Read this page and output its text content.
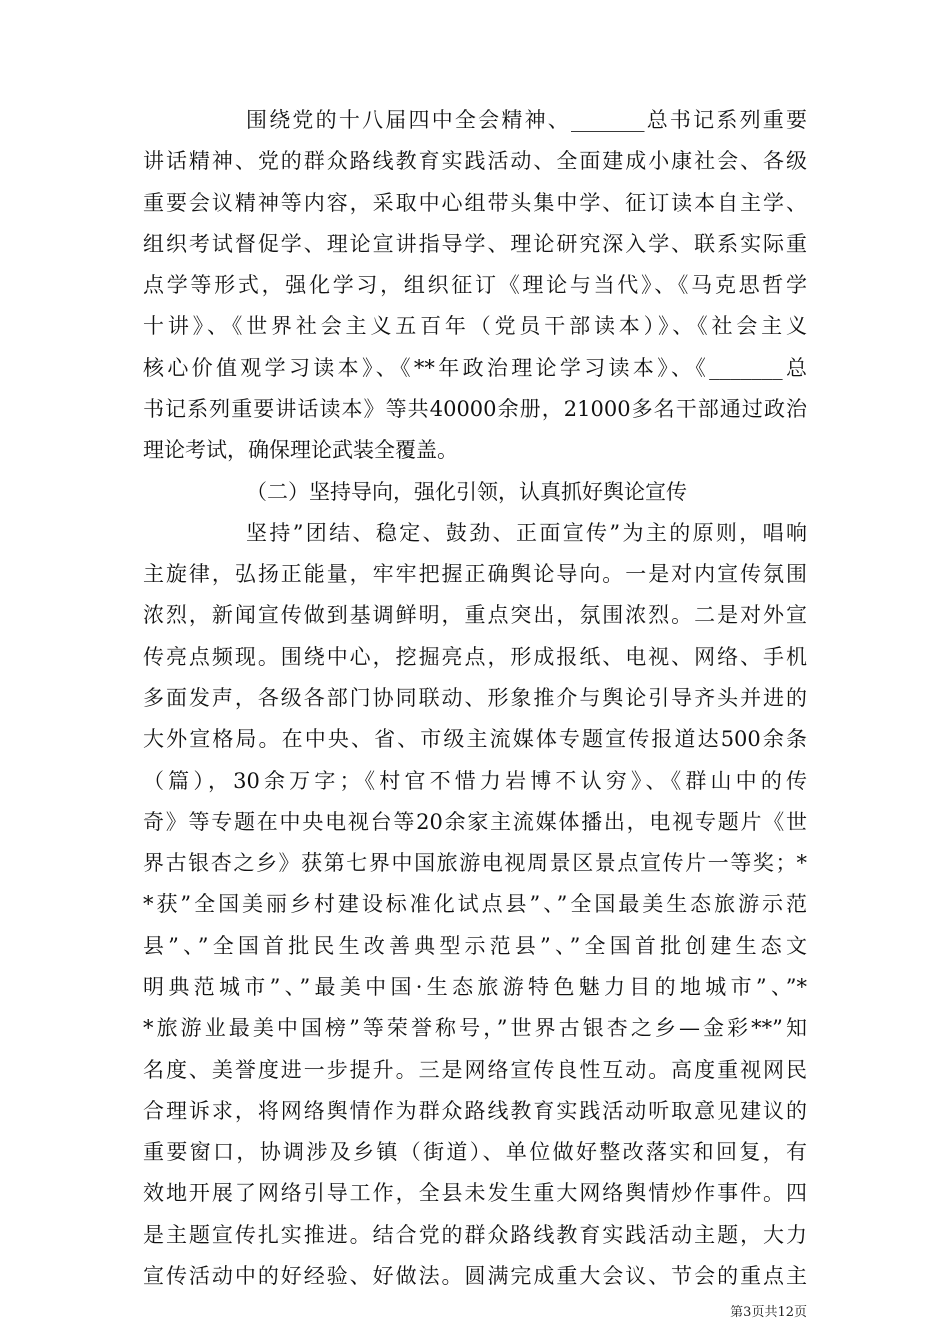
围绕党的十八届四中全会精神、_______总书记系列重要
讲话精神、党的群众路线教育实践活动、全面建成小康社会、各级
重要会议精神等内容，采取中心组带头集中学、征订读本自主学、
组织考试督促学、理论宣讲指导学、理论研究深入学、联系实际重
点学等形式，强化学习，组织征订《理论与当代》、《马克思哲学
十讲》、《世界社会主义五百年（党员干部读本）》、《社会主义
核心价值观学习读本》、《**年政治理论学习读本》、《_______总
书记系列重要讲话读本》等共40000余册，21000多名干部通过政治
理论考试，确保理论武装全覆盖。
（二）坚持导向，强化引领，认真抓好舆论宣传
坚持”团结、稳定、鼓劲、正面宣传”为主的原则，唱响
主旋律，弘扬正能量，牢牢把握正确舆论导向。一是对内宣传氛围
浓烈，新闻宣传做到基调鲜明，重点突出，氛围浓烈。二是对外宣
传亮点频现。围绕中心，挖掘亮点，形成报纸、电视、网络、手机
多面发声，各级各部门协同联动、形象推介与舆论引导齐头并进的
大外宣格局。在中央、省、市级主流媒体专题宣传报道达500余条
（篇），30余万字；《村官不惜力岩博不认穷》、《群山中的传
奇》等专题在中央电视台等20余家主流媒体播出，电视专题片《世
界古银杏之乡》获第七界中国旅游电视周景区景点宣传片一等奖；*
*获”全国美丽乡村建设标准化试点县”、”全国最美生态旅游示范
县”、”全国首批民生改善典型示范县”、”全国首批创建生态文
明典范城市”、”最美中国·生态旅游特色魅力目的地城市”、”*
*旅游业最美中国榜”等荣誉称号，”世界古银杏之乡—金彩**”知
名度、美誉度进一步提升。三是网络宣传良性互动。高度重视网民
合理诉求，将网络舆情作为群众路线教育实践活动听取意见建议的
重要窗口，协调涉及乡镇（街道）、单位做好整改落实和回复，有
效地开展了网络引导工作，全县未发生重大网络舆情炒作事件。四
是主题宣传扎实推进。结合党的群众路线教育实践活动主题，大力
第3页共12页
宣传活动中的好经验、好做法。圆满完成重大会议、节会的重点主
